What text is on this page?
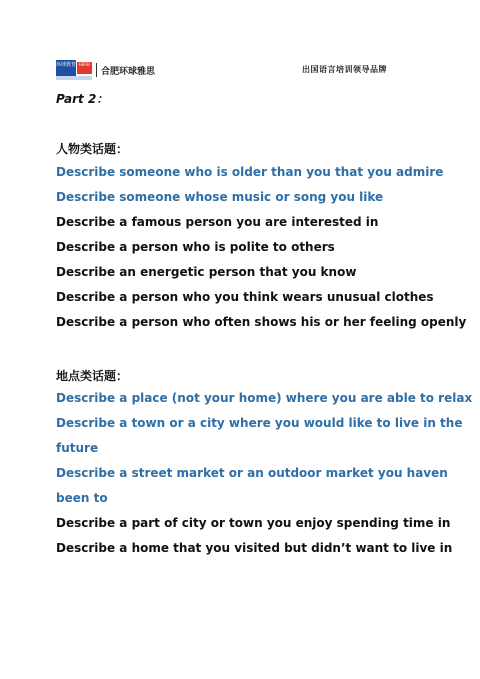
环球教育 HEFEI
合肥环球雅思	出国语言培训领导品牌
Part 2：
人物类话题：
Describe someone who is older than you that you admire
Describe someone whose music or song you like
Describe a famous person you are interested in
Describe a person who is polite to others
Describe an energetic person that you know
Describe a person who you think wears unusual clothes
Describe a person who often shows his or her feeling openly
地点类话题：
Describe a place (not your home) where you are able to relax
Describe a town or a city where you would like to live in the
future
Describe a street market or an outdoor market you haven
been to
Describe a part of city or town you enjoy spending time in
Describe a home that you visited but didn’t want to live in
